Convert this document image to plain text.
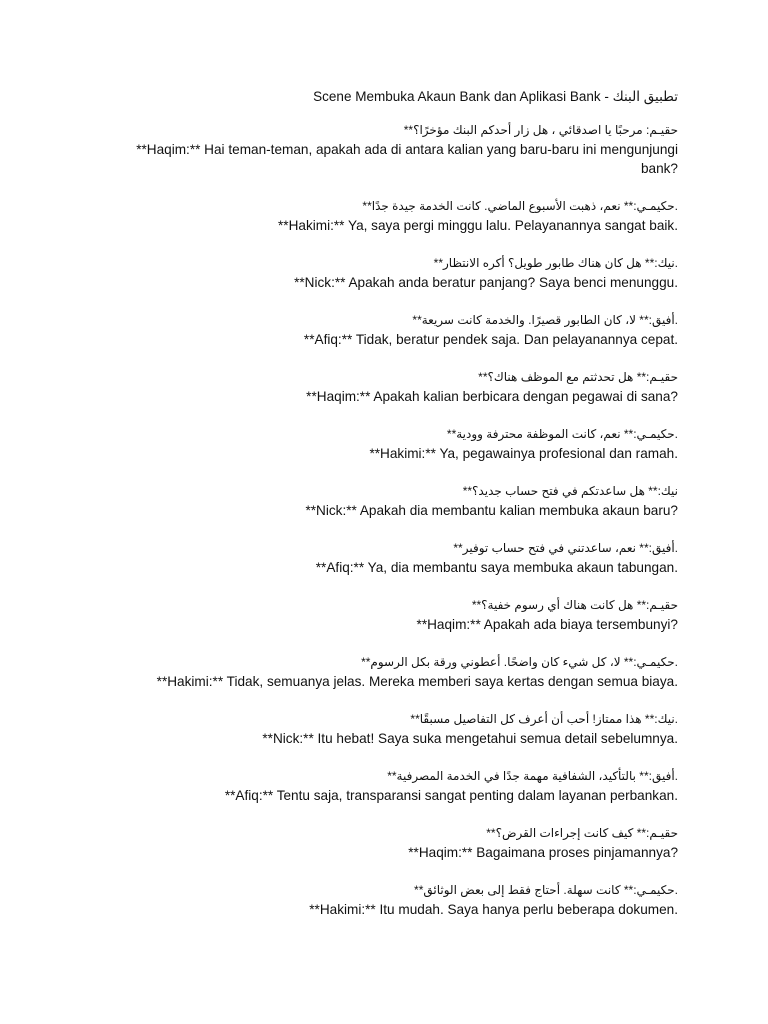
Scene Membuka Akaun Bank dan Aplikasi Bank - تطبيق البنك
حقيـم: مرحبًا يا اصدقائي ، هل زار أحدكم البنك مؤخرًا؟**
**Haqim:** Hai teman-teman, apakah ada di antara kalian yang baru-baru ini mengunjungi bank?
.حكيمـي:** نعم، ذهبت الأسبوع الماضي. كانت الخدمة جيدة جدًا**
**Hakimi:** Ya, saya pergi minggu lalu. Pelayanannya sangat baik.
.نيك:** هل كان هناك طابور طويل؟ أكره الانتظار**
**Nick:** Apakah anda beratur panjang? Saya benci menunggu.
.أفيق:** لا، كان الطابور قصيرًا. والخدمة كانت سريعة**
**Afiq:** Tidak, beratur pendek saja. Dan pelayanannya cepat.
حقيـم:** هل تحدثتم مع الموظف هناك؟**
**Haqim:** Apakah kalian berbicara dengan pegawai di sana?
.حكيمـي:** نعم، كانت الموظفة محترفة وودية**
**Hakimi:** Ya, pegawainya profesional dan ramah.
نيك:** هل ساعدتكم في فتح حساب جديد؟**
**Nick:** Apakah dia membantu kalian membuka akaun baru?
.أفيق:** نعم، ساعدتني في فتح حساب توفير**
**Afiq:** Ya, dia membantu saya membuka akaun tabungan.
حقيـم:** هل كانت هناك أي رسوم خفية؟**
**Haqim:** Apakah ada biaya tersembunyi?
.حكيمـي:** لا، كل شيء كان واضحًا. أعطوني ورقة بكل الرسوم**
**Hakimi:** Tidak, semuanya jelas. Mereka memberi saya kertas dengan semua biaya.
.نيك:** هذا ممتاز! أحب أن أعرف كل التفاصيل مسبقًا**
**Nick:** Itu hebat! Saya suka mengetahui semua detail sebelumnya.
.أفيق:** بالتأكيد، الشفافية مهمة جدًا في الخدمة المصرفية**
**Afiq:** Tentu saja, transparansi sangat penting dalam layanan perbankan.
حقيـم:** كيف كانت إجراءات القرض؟**
**Haqim:** Bagaimana proses pinjamannya?
.حكيمـي:** كانت سهلة. أحتاج فقط إلى بعض الوثائق**
**Hakimi:** Itu mudah. Saya hanya perlu beberapa dokumen.
